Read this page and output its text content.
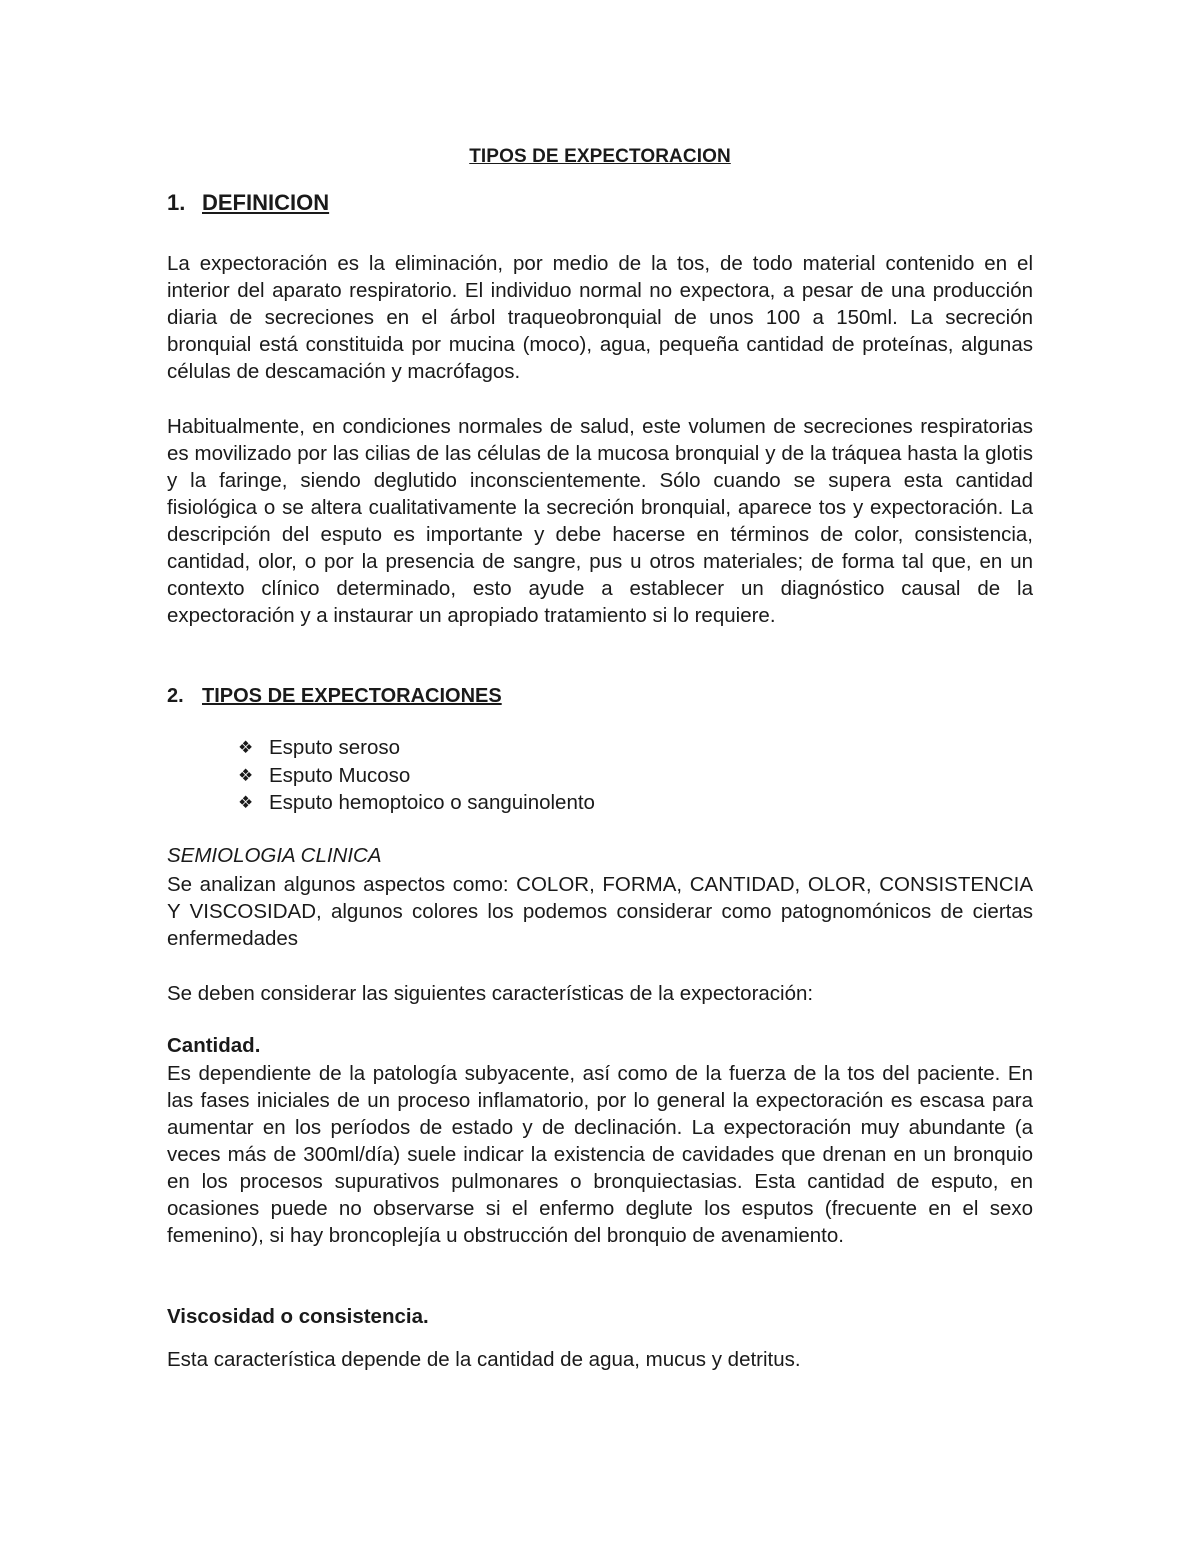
TIPOS DE EXPECTORACION
1. DEFINICION

La expectoración es la eliminación, por medio de la tos, de todo material contenido en el interior del aparato respiratorio. El individuo normal no expectora, a pesar de una producción diaria de secreciones en el árbol traqueobronquial de unos 100 a 150ml. La secreción bronquial está constituida por mucina (moco), agua, pequeña cantidad de proteínas, algunas células de descamación y macrófagos.

Habitualmente, en condiciones normales de salud, este volumen de secreciones respiratorias es movilizado por las cilias de las células de la mucosa bronquial y de la tráquea hasta la glotis y la faringe, siendo deglutido inconscientemente. Sólo cuando se supera esta cantidad fisiológica o se altera cualitativamente la secreción bronquial, aparece tos y expectoración. La descripción del esputo es importante y debe hacerse en términos de color, consistencia, cantidad, olor, o por la presencia de sangre, pus u otros materiales; de forma tal que, en un contexto clínico determinado, esto ayude a establecer un diagnóstico causal de la expectoración y a instaurar un apropiado tratamiento si lo requiere.

2. TIPOS DE EXPECTORACIONES
❖ Esputo seroso
❖ Esputo Mucoso
❖ Esputo hemoptoico o sanguinolento
SEMIOLOGIA CLINICA

Se analizan algunos aspectos como: COLOR, FORMA, CANTIDAD, OLOR, CONSISTENCIA Y VISCOSIDAD, algunos colores los podemos considerar como patognomónicos de ciertas enfermedades

Se deben considerar las siguientes características de la expectoración:

Cantidad.

Es dependiente de la patología subyacente, así como de la fuerza de la tos del paciente. En las fases iniciales de un proceso inflamatorio, por lo general la expectoración es escasa para aumentar en los períodos de estado y de declinación. La expectoración muy abundante (a veces más de 300ml/día) suele indicar la existencia de cavidades que drenan en un bronquio en los procesos supurativos pulmonares o bronquiectasias. Esta cantidad de esputo, en ocasiones puede no observarse si el enfermo deglute los esputos (frecuente en el sexo femenino), si hay broncoplejía u obstrucción del bronquio de avenamiento.

Viscosidad o consistencia.

Esta característica depende de la cantidad de agua, mucus y detritus.
